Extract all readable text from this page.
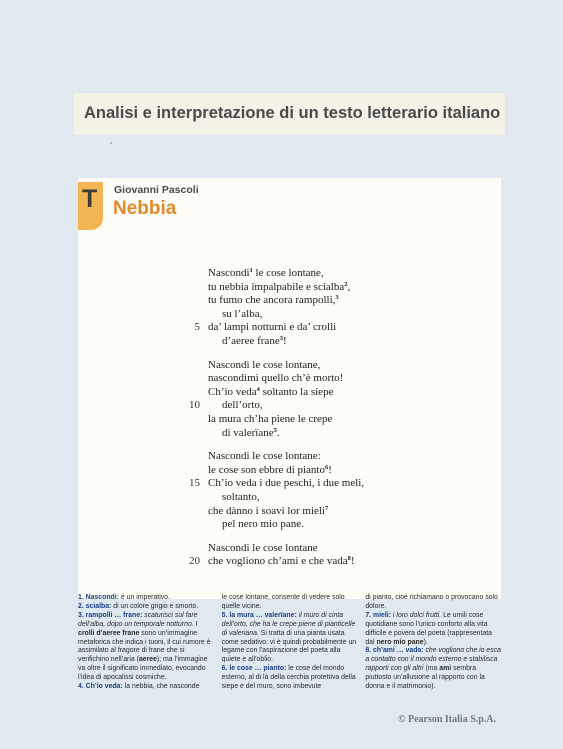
Analisi e interpretazione di un testo letterario italiano
T Giovanni Pascoli
Nebbia
Nascondi$^1$ le cose lontane,
tu nebbia impalpabile e scialba$^2$,
tu fumo che ancora rampolli,$^3$
su l’alba,
5 da’ lampi notturni e da’ crolli
d’aeree frane$^3$!
Nascondi le cose lontane,
nascondimi quello ch’è morto!
Ch’io veda$^4$ soltanto la siepe
10 dell’orto,
la mura ch’ha piene le crepe
di valerïane$^5$.
Nascondi le cose lontane:
le cose son ebbre di pianto$^6$!
15 Ch’io veda i due peschi, i due meli,
soltanto,
che dànno i soavi lor mieli$^7$
pel nero mio pane.
Nascondi le cose lontane
20 che vogliono ch’ami e che vada$^8$!
1. Nascondi: è un imperativo.
2. scialba: di un colore grigio e smorto.
3. rampolli … frane: scaturisci sul fare dell’alba, dopo un temporale notturno. I crolli d’aeree frane sono un’immagine metaforica che indica i tuoni, il cui rumore è assimilato al fragore di frane che si verifichino nell’aria (aeree); ma l’immagine va oltre il significato immediato, evocando l’idea di apocalissi cosmiche.
4. Ch’io veda: la nebbia, che nasconde
le cose lontane, consente di vedere solo quelle vicine.
5. la mura … valerïane: il muro di cinta dell’orto, che ha le crepe piene di pianticelle di valeriana. Si tratta di una pianta usata come sedativo: vi è quindi probabilmente un legame con l’aspirazione del poeta alla quiete e all’oblio.
6. le cose … pianto: le cose del mondo esterno, al di là della cerchia protettiva della siepe e del muro, sono imbevute
di pianto, cioè richiamano o provocano solo dolore.
7. mieli: i loro dolci frutti. Le umili cose quotidiane sono l’unico conforto alla vita difficile e povera del poeta (rappresentata dal nero mio pane).
8. ch’ami … vada: che vogliono che io esca a contatto con il mondo esterno e stabilisca rapporti con gli altri (ma ami sembra piuttosto un’allusione al rapporto con la donna e il matrimonio).
© Pearson Italia S.p.A.
